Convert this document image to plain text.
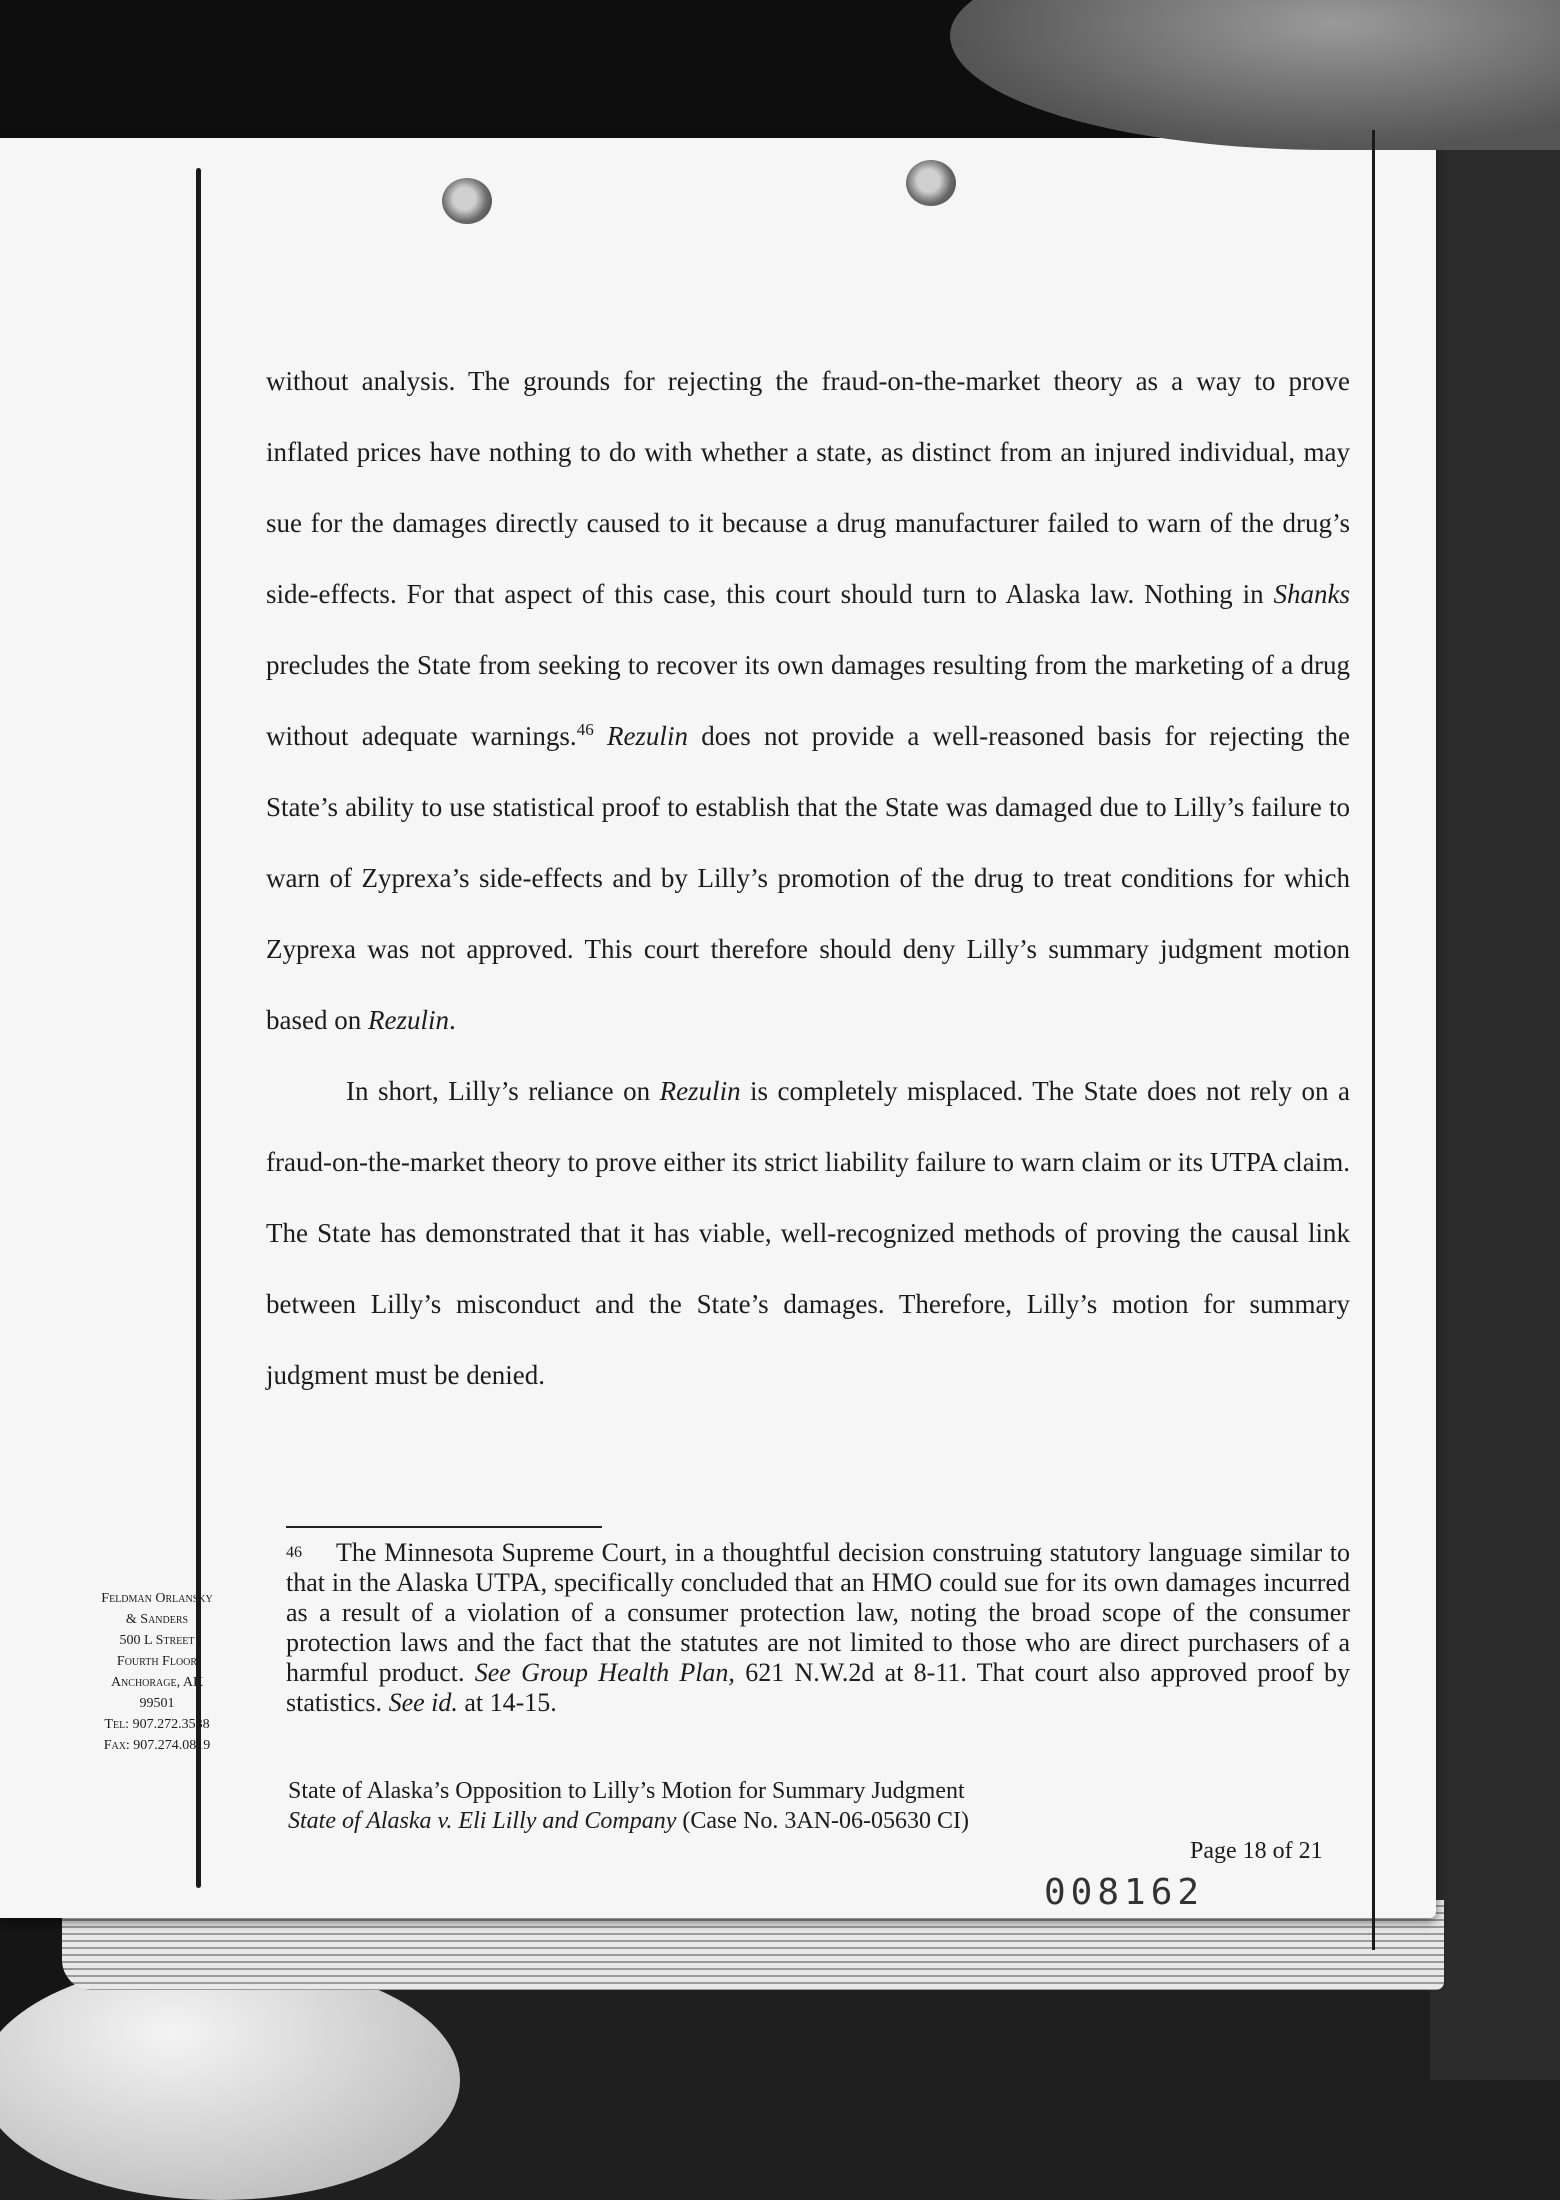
without analysis. The grounds for rejecting the fraud-on-the-market theory as a way to prove inflated prices have nothing to do with whether a state, as distinct from an injured individual, may sue for the damages directly caused to it because a drug manufacturer failed to warn of the drug’s side-effects. For that aspect of this case, this court should turn to Alaska law. Nothing in Shanks precludes the State from seeking to recover its own damages resulting from the marketing of a drug without adequate warnings.$^{46}$ Rezulin does not provide a well-reasoned basis for rejecting the State’s ability to use statistical proof to establish that the State was damaged due to Lilly’s failure to warn of Zyprexa’s side-effects and by Lilly’s promotion of the drug to treat conditions for which Zyprexa was not approved. This court therefore should deny Lilly’s summary judgment motion based on Rezulin.

In short, Lilly’s reliance on Rezulin is completely misplaced. The State does not rely on a fraud-on-the-market theory to prove either its strict liability failure to warn claim or its UTPA claim. The State has demonstrated that it has viable, well-recognized methods of proving the causal link between Lilly’s misconduct and the State’s damages. Therefore, Lilly’s motion for summary judgment must be denied.

46 The Minnesota Supreme Court, in a thoughtful decision construing statutory language similar to that in the Alaska UTPA, specifically concluded that an HMO could sue for its own damages incurred as a result of a violation of a consumer protection law, noting the broad scope of the consumer protection laws and the fact that the statutes are not limited to those who are direct purchasers of a harmful product. See Group Health Plan, 621 N.W.2d at 8-11. That court also approved proof by statistics. See id. at 14-15.
Feldman Orlansky
& Sanders
500 L Street
Fourth Floor
Anchorage, AK
99501
Tel: 907.272.3538
Fax: 907.274.0819
State of Alaska’s Opposition to Lilly’s Motion for Summary Judgment
State of Alaska v. Eli Lilly and Company (Case No. 3AN-06-05630 CI)
Page 18 of 21
008162
